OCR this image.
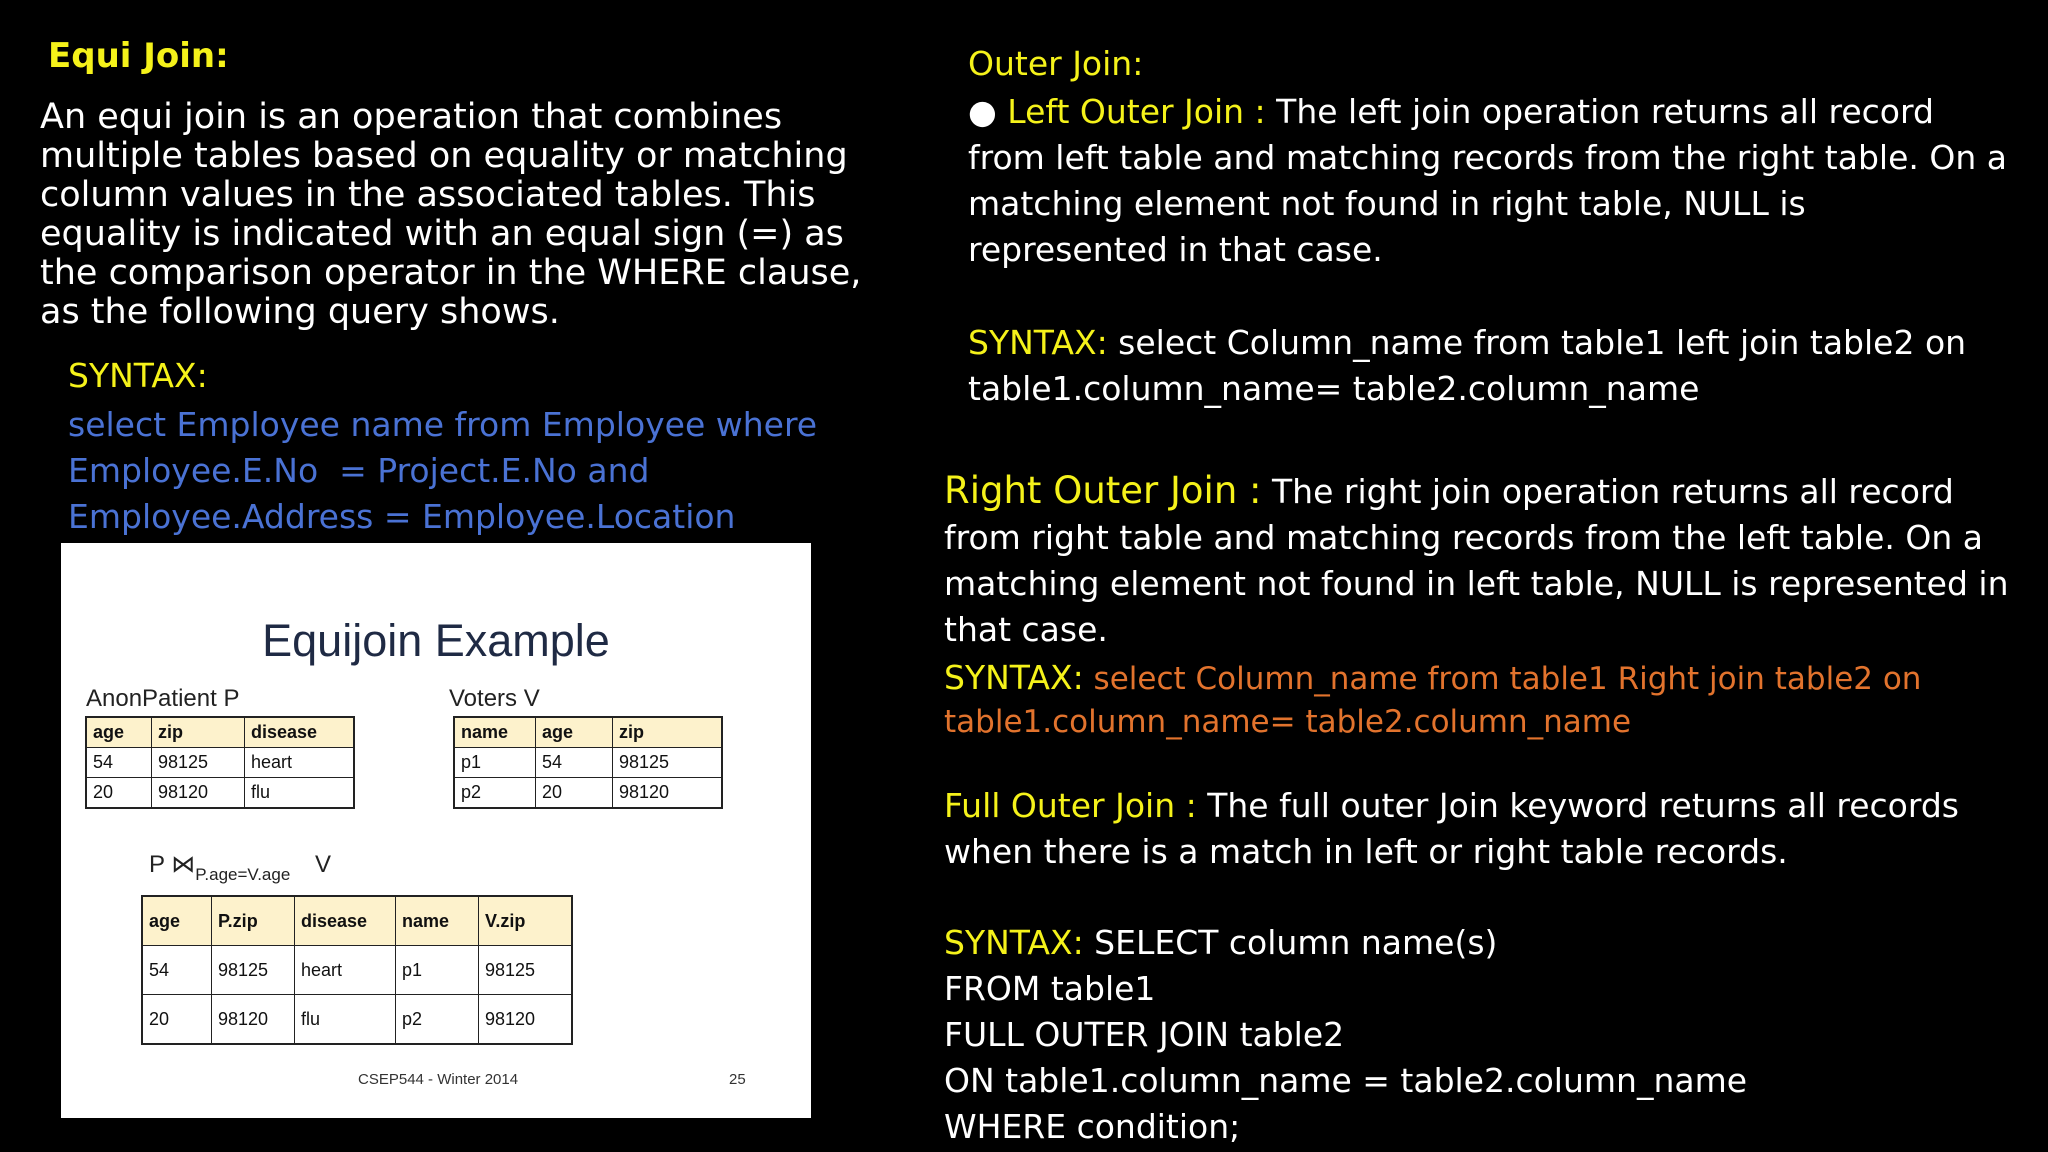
Equi Join:
An equi join is an operation that combines multiple tables based on equality or matching column values in the associated tables. This equality is indicated with an equal sign (=) as the comparison operator in the WHERE clause, as the following query shows.
SYNTAX:
select Employee name from Employee where
Employee.E.No  = Project.E.No and
Employee.Address = Employee.Location
Equijoin Example
AnonPatient P
age	zip	disease
54	98125	heart
20	98120	flu
Voters V
name	age	zip
p1	54	98125
p2	20	98120
P $⋈_{P.age=V.age}$ V
age	P.zip	disease	name	V.zip
54	98125	heart	p1	98125
20	98120	flu	p2	98120
CSEP544 - Winter 2014	25
Outer Join:
● Left Outer Join : The left join operation returns all record from left table and matching records from the right table. On a matching element not found in right table, NULL is represented in that case.
SYNTAX: select Column_name from table1 left join table2 on table1.column_name= table2.column_name
Right Outer Join : The right join operation returns all record from right table and matching records from the left table. On a matching element not found in left table, NULL is represented in that case.
SYNTAX: select Column_name from table1 Right join table2 on table1.column_name= table2.column_name
Full Outer Join : The full outer Join keyword returns all records when there is a match in left or right table records.
SYNTAX: SELECT column name(s)
FROM table1
FULL OUTER JOIN table2
ON table1.column_name = table2.column_name
WHERE condition;
